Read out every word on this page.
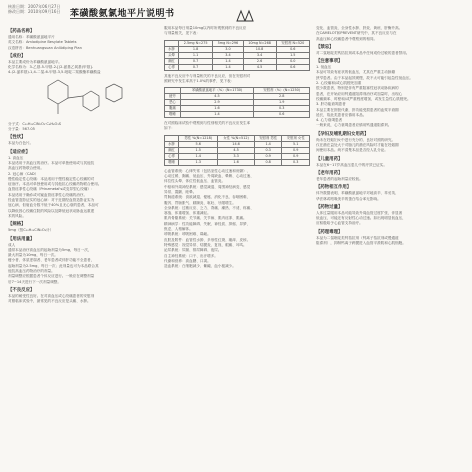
核准日期：2007年06月27日
修改日期：2010年09月16日 苯磺酸氨氯地平片说明书
【药品名称】
通用名称：苯磺酸氨氯地平片
英文名称：Amlodipine Besylate Tablets
汉语拼音：Benhuangsuan Anlüdiping Pian
【成份】
本品主要成份为苯磺酸氨氯地平。
化学名称为：3-乙基-5-甲基-2-[(2-氨基乙氧基)甲基]-
4-(2-氯苯基)-1,4-二氢-6-甲基-3,5-吡啶二羧酸酯苯磺酸盐
分子式：C₂₀H₂₅ClN₂O₅·C₆H₆O₃S
分子量：567.05
【性状】
本品为白色片。
【适应症】
1. 高血压
本品适用于高血压的治疗。本品可单独使用或与其他抗
高血压药物联合使用。
2. 冠心病（CAD）
慢性稳定性心绞痛：本品适用于慢性稳定性心绞痛的对
症治疗。本品可单独使用或与其他抗心绞痛药物联合使用。
血管痉挛性心绞痛（Prinzmetal's或变异型心绞痛）：
本品适用于确诊或可疑血管痉挛性心绞痛的治疗。
经血管造影证实的冠心病：对于近期经血管造影证实为
冠心病，但射血分数不低于40%且无心衰的患者，本品可
以降低因心绞痛住院的风险以及降低冠状动脉血运重建
术的风险。
【规格】
5mg（按C₂₀H₂₅ClN₂O₅计）
【用法用量】
成人
通常本品治疗高血压的起始剂量为5mg，每日一次，
最大剂量为10mg，每日一次。
瘦小者、体质虚弱者、老年患者或伴肝功能不全患者，
起始剂量为2.5mg，每日一次；此剂量也可为本品联合其
他抗高血压药物治疗的剂量。
剂量调整应根据患者个体反应进行。一般应在调整剂量
后7~14天进行下一次剂量调整。
【不良反应】
本品的耐受性良好。在对高血压或心绞痛患者的安慰剂
对照临床试验中，最常见的不良反应是头痛、水肿。
服用本品每日剂量10mg以内时所观察到的不良反应
与剂量相关，见下表：
	2.5mg N=275	5mg N=296	10mg N=268	安慰剂 N=520
水肿	1.8	3.0	10.8	0.6
头晕	1.1	3.4	3.4	1.5
潮红	0.7	1.4	2.6	0.0
心悸	0.7	1.4	4.5	0.6
其他不良反应中与剂量相关的不良反应，但在安慰剂对
照研究中发生率高于1.0%的事件，见下表：
	苯磺酸氨氯地平（%）(N=1730)	安慰剂（%）(N=1250)
疲劳	4.5	2.8
恶心	2.9	1.9
腹痛	1.6	0.3
嗜睡	1.4	0.6
在对照临床试验中观察到与性别相关的不良反应发生率
如下：
	男性 %(N=1218)	女性 %(N=512)	安慰剂 男性	安慰剂 女性
水肿	5.6	14.6	1.4	5.1
潮红	1.5	4.5	0.3	0.9
心悸	1.4	3.3	0.9	0.9
嗜睡	1.3	1.6	0.8	0.3
心血管系统：心律失常（包括室性心动过速和房颤）、
心动过缓、胸痛、低血压、外周缺血、晕厥、心动过速、
体位性头晕、体位性低血压、血管炎。
中枢和外周神经系统：感觉减退、周围神经病变、感觉
异常、震颤、眩晕。
胃肠道系统：食欲减退、便秘、消化不良、吞咽困难、
腹泻、胃肠胀气、胰腺炎、呕吐、牙龈增生。
全身系统：过敏反应、乏力、背痛、潮热、不适、疼痛、
寒战、体重增加、体重减轻。
肌肉骨骼系统：关节痛、关节病、肌肉痉挛、肌痛。
精神病学：性功能障碍、失眠、神经质、抑郁、异梦、
焦虑、人格解体。
呼吸系统：呼吸困难、鼻衄。
皮肤及附件：血管性水肿、多形性红斑、瘙痒、皮疹。
特殊感觉：视觉异常、结膜炎、复视、眼痛、耳鸣。
泌尿系统：尿频、排尿障碍、夜尿。
自主神经系统：口干、出汗增多。
代谢和营养：高血糖、口渴。
造血系统：白细胞减少、紫癜、血小板减少。
变化、血管炎、全身性水肿、肝炎、黄疸、肝酶升高。
在CAMELOT和PREVENT研究中，其不良反应与在
高血压和心绞痛患者中观察到的相同。
【禁忌】
对二氢吡啶类钙拮抗剂或本品中任何成份过敏的患者禁用。
【注意事项】
1. 低血压
本品可导致有症状的低血压，尤其在严重主动脉瓣
狭窄患者。由于本品起效缓慢，故不太可能引起急性低血压。
2. 心绞痛和/或心肌梗死加重
很少数患者，特别是伴有严重阻塞性冠状动脉疾病的
患者，在开始应用钙通道阻滞剂治疗或加量时，出现心
绞痛频率、时程和/或严重程度增加，或发生急性心肌梗死。
3. 肝功能衰竭患者
本品主要在肝脏代谢，肝功能受损患者的血浆半衰期
延长，故此类患者应慎用本品。
4. 心力衰竭患者
一般来说，心力衰竭患者应慎用钙通道阻滞剂。
【孕妇及哺乳期妇女用药】
尚未在妊娠妇女中进行充分的、良好对照的研究。
仅在潜在益处大于对胎儿的潜在风险时才能在妊娠期
间使用本品。尚不清楚本品是否经人乳分泌。
【儿童用药】
本品在6~17岁高血压患儿中的疗效已证实。
【老年用药】
老年患者的起始剂量应较低。
【药物相互作用】
体外数据表明，苯磺酸氨氯地平对地高辛、苯妥英、
华法林或吲哚美辛的蛋白结合率无影响。
【药物过量】
人体过量服用本品可能导致外周血管过度扩张，伴显著
低血压，可能还有反射性心动过速。如出现明显低血压，
应积极给予心血管支持治疗。
【药理毒理】
本品为二氢吡啶类钙拮抗剂（钙离子拮抗剂或慢通道
阻滞剂），抑制钙离子跨膜进入血管平滑肌和心肌细胞。
